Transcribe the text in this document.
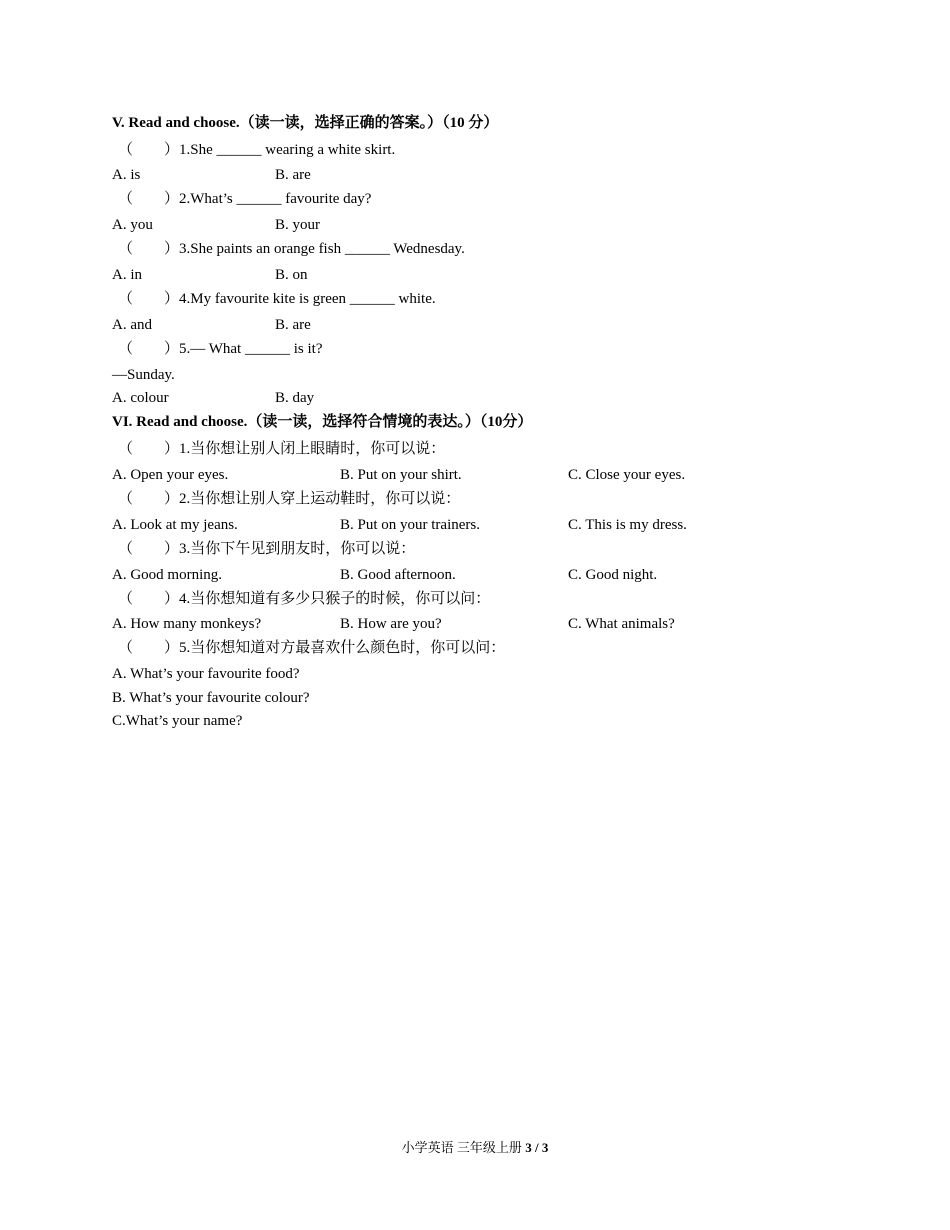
V. Read and choose.（读一读，选择正确的答案。）（10 分）
（ ）1.She ______ wearing a white skirt.
A. is	B. are
（ ）2.What’s ______ favourite day?
A. you	B. your
（ ）3.She paints an orange fish ______ Wednesday.
A. in	B. on
（ ）4.My favourite kite is green ______ white.
A. and	B. are
（ ）5.— What ______ is it?
—Sunday.
A. colour	B. day
VI. Read and choose.（读一读，选择符合情境的表达。）（10分）
（ ）1.当你想让别人闭上眼睛时，你可以说：
A. Open your eyes.	B. Put on your shirt.	C. Close your eyes.
（ ）2.当你想让别人穿上运动鞋时，你可以说：
A. Look at my jeans.	B. Put on your trainers.	C. This is my dress.
（ ）3.当你下午见到朋友时，你可以说：
A. Good morning.	B. Good afternoon.	C. Good night.
（ ）4.当你想知道有多少只猴子的时候，你可以问：
A. How many monkeys?	B. How are you?	C. What animals?
（ ）5.当你想知道对方最喜欢什么颜色时，你可以问：
A. What’s your favourite food?
B. What’s your favourite colour?
C.What’s your name?
小学英语 三年级上册 3 / 3
